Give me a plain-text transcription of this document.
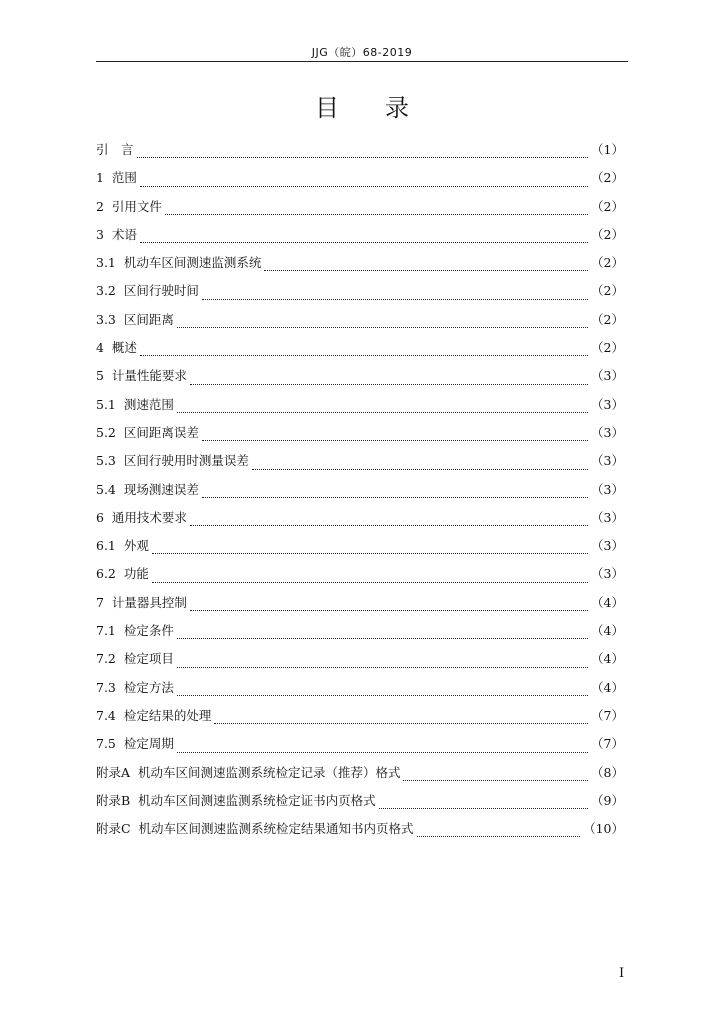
JJG（皖）68-2019
目录
引　言	（1）
1  范围	（2）
2  引用文件	（2）
3  术语	（2）
3.1  机动车区间测速监测系统	（2）
3.2  区间行驶时间	（2）
3.3  区间距离	（2）
4  概述	（2）
5  计量性能要求	（3）
5.1  测速范围	（3）
5.2  区间距离误差	（3）
5.3  区间行驶用时测量误差	（3）
5.4  现场测速误差	（3）
6  通用技术要求	（3）
6.1  外观	（3）
6.2  功能	（3）
7  计量器具控制	（4）
7.1  检定条件	（4）
7.2  检定项目	（4）
7.3  检定方法	（4）
7.4  检定结果的处理	（7）
7.5  检定周期	（7）
附录A  机动车区间测速监测系统检定记录（推荐）格式	（8）
附录B  机动车区间测速监测系统检定证书内页格式	（9）
附录C  机动车区间测速监测系统检定结果通知书内页格式	（10）
I
